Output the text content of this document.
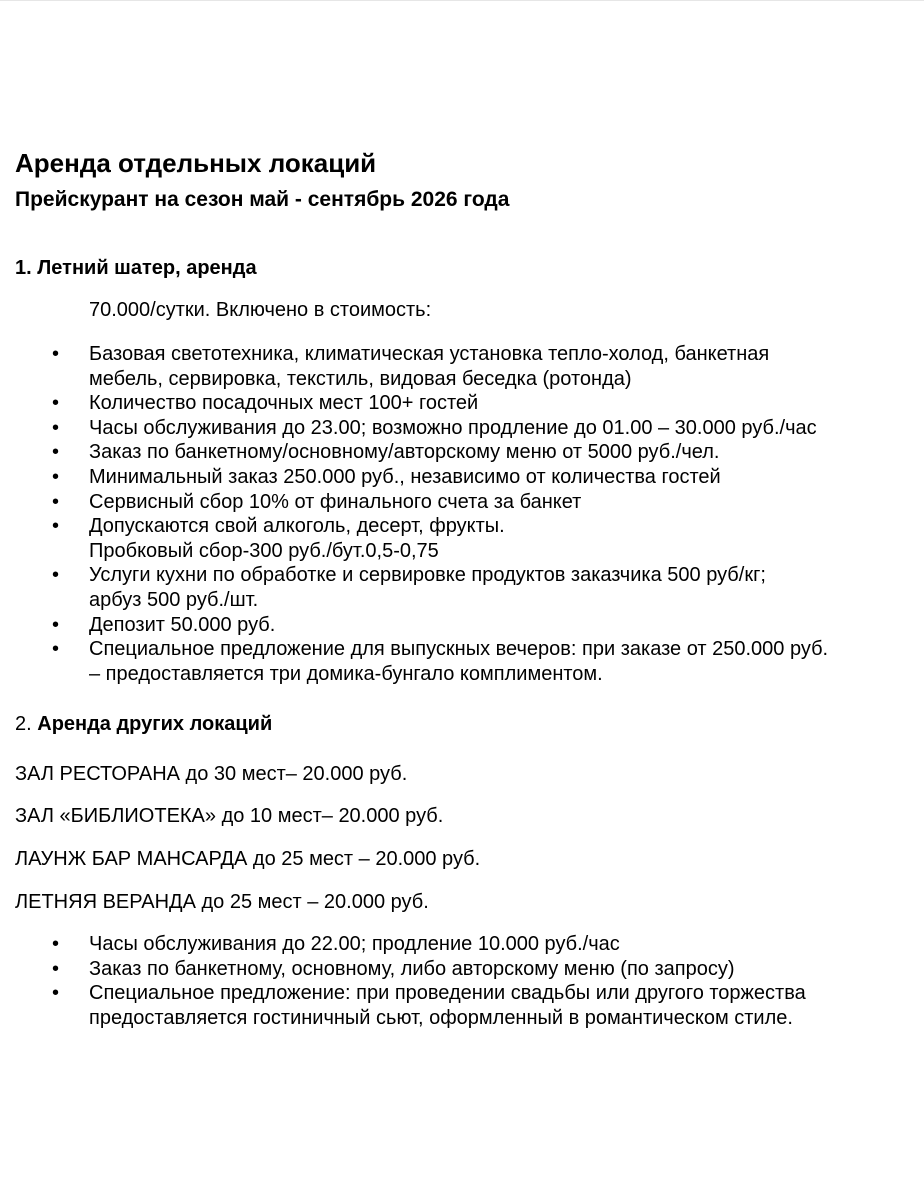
Аренда отдельных локаций
Прейскурант на сезон май - сентябрь 2026 года
1. Летний шатер, аренда
70.000/сутки. Включено в стоимость:
• Базовая светотехника, климатическая установка тепло-холод, банкетная
мебель, сервировка, текстиль, видовая беседка (ротонда)
• Количество посадочных мест 100+ гостей
• Часы обслуживания до 23.00; возможно продление до 01.00 – 30.000 руб./час
• Заказ по банкетному/основному/авторскому меню от 5000 руб./чел.
• Минимальный заказ 250.000 руб., независимо от количества гостей
• Сервисный сбор 10% от финального счета за банкет
• Допускаются свой алкоголь, десерт, фрукты.
Пробковый сбор-300 руб./бут.0,5-0,75
• Услуги кухни по обработке и сервировке продуктов заказчика 500 руб/кг;
арбуз 500 руб./шт.
• Депозит 50.000 руб.
• Специальное предложение для выпускных вечеров: при заказе от 250.000 руб.
– предоставляется три домика-бунгало комплиментом.
2. Аренда других локаций
ЗАЛ РЕСТОРАНА до 30 мест– 20.000 руб.
ЗАЛ «БИБЛИОТЕКА» до 10 мест– 20.000 руб.
ЛАУНЖ БАР МАНСАРДА до 25 мест – 20.000 руб.
ЛЕТНЯЯ ВЕРАНДА до 25 мест – 20.000 руб.
• Часы обслуживания до 22.00; продление 10.000 руб./час
• Заказ по банкетному, основному, либо авторскому меню (по запросу)
• Специальное предложение: при проведении свадьбы или другого торжества
предоставляется гостиничный сьют, оформленный в романтическом стиле.
